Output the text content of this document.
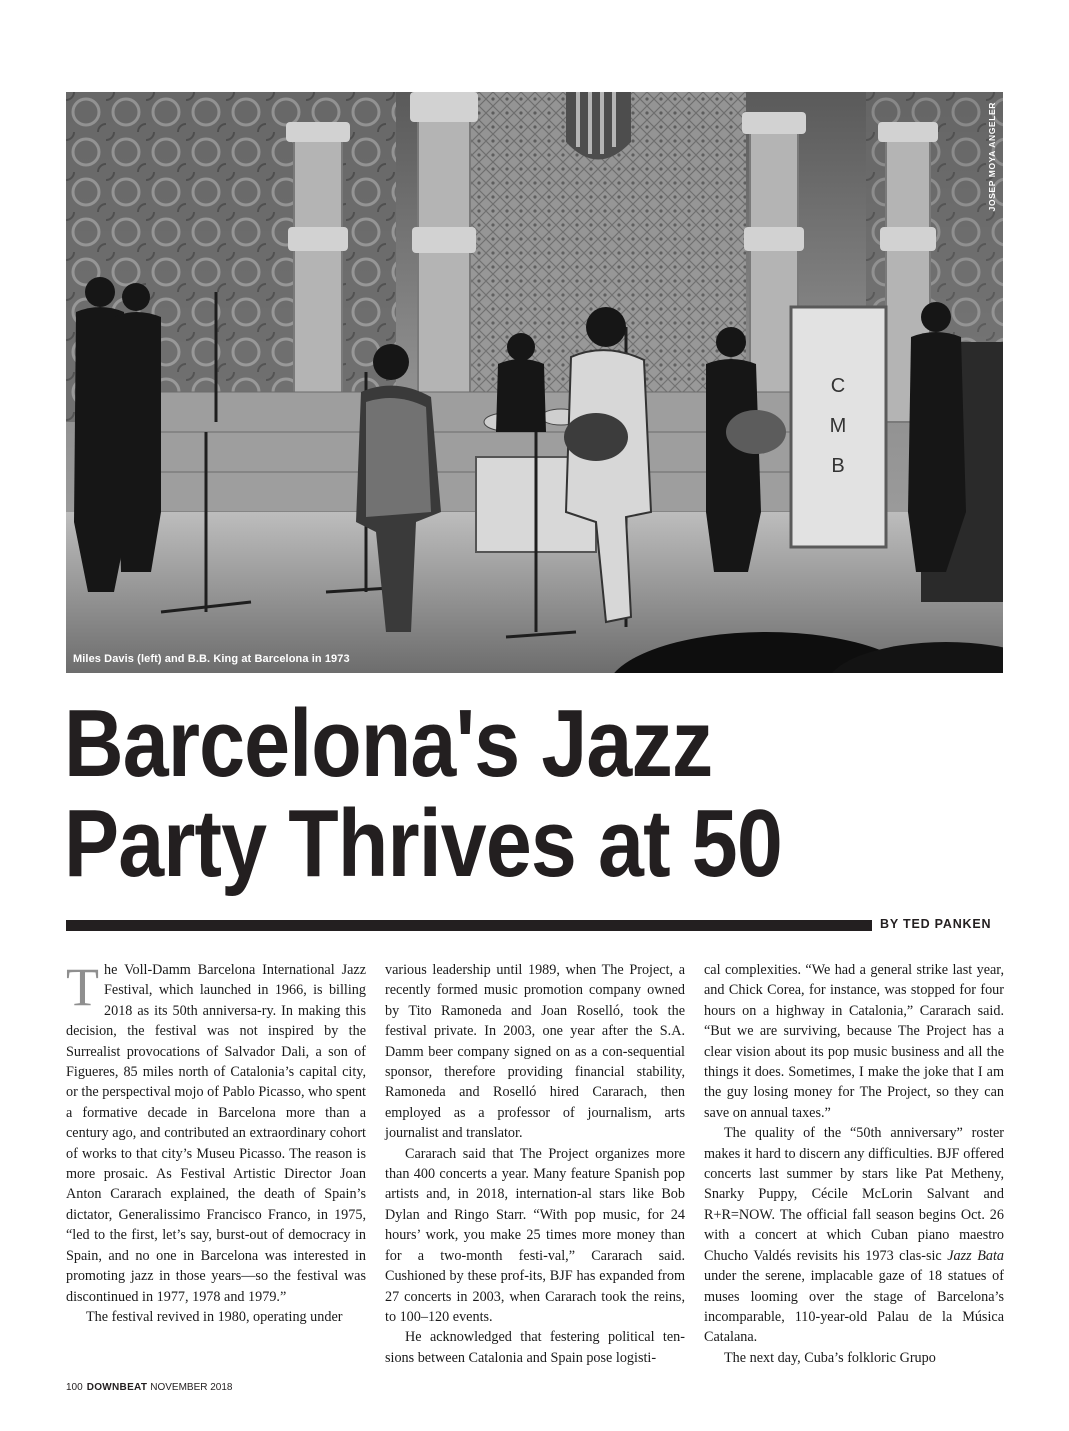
C
M
B
JOSEP MOYA ANGELER
Miles Davis (left) and B.B. King at Barcelona in 1973
Barcelona's Jazz
Party Thrives at 50
BY TED PANKEN

The Voll-Damm Barcelona International Jazz Festival, which launched in 1966, is billing 2018 as its 50th anniversa-ry. In making this decision, the festival was not inspired by the Surrealist provocations of Salvador Dali, a son of Figueres, 85 miles north of Catalonia’s capital city, or the perspectival mojo of Pablo Picasso, who spent a formative decade in Barcelona more than a century ago, and contributed an extraordinary cohort of works to that city’s Museu Picasso. The reason is more prosaic. As Festival Artistic Director Joan Anton Cararach explained, the death of Spain’s dictator, Generalissimo Francisco Franco, in 1975, “led to the first, let’s say, burst-out of democracy in Spain, and no one in Barcelona was interested in promoting jazz in those years—so the festival was discontinued in 1977, 1978 and 1979.”

The festival revived in 1980, operating under

various leadership until 1989, when The Project, a recently formed music promotion company owned by Tito Ramoneda and Joan Roselló, took the festival private. In 2003, one year after the S.A. Damm beer company signed on as a con-sequential sponsor, therefore providing financial stability, Ramoneda and Roselló hired Cararach, then employed as a professor of journalism, arts journalist and translator.

Cararach said that The Project organizes more than 400 concerts a year. Many feature Spanish pop artists and, in 2018, internation-al stars like Bob Dylan and Ringo Starr. “With pop music, for 24 hours’ work, you make 25 times more money than for a two-month festi-val,” Cararach said. Cushioned by these prof-its, BJF has expanded from 27 concerts in 2003, when Cararach took the reins, to 100–120 events.

He acknowledged that festering political ten-sions between Catalonia and Spain pose logisti-

cal complexities. “We had a general strike last year, and Chick Corea, for instance, was stopped for four hours on a highway in Catalonia,” Cararach said. “But we are surviving, because The Project has a clear vision about its pop music business and all the things it does. Sometimes, I make the joke that I am the guy losing money for The Project, so they can save on annual taxes.”

The quality of the “50th anniversary” roster makes it hard to discern any difficulties. BJF offered concerts last summer by stars like Pat Metheny, Snarky Puppy, Cécile McLorin Salvant and R+R=NOW. The official fall season begins Oct. 26 with a concert at which Cuban piano maestro Chucho Valdés revisits his 1973 clas-sic Jazz Bata under the serene, implacable gaze of 18 statues of muses looming over the stage of Barcelona’s incomparable, 110-year-old Palau de la Música Catalana.

The next day, Cuba’s folkloric Grupo

100 DOWNBEAT NOVEMBER 2018
